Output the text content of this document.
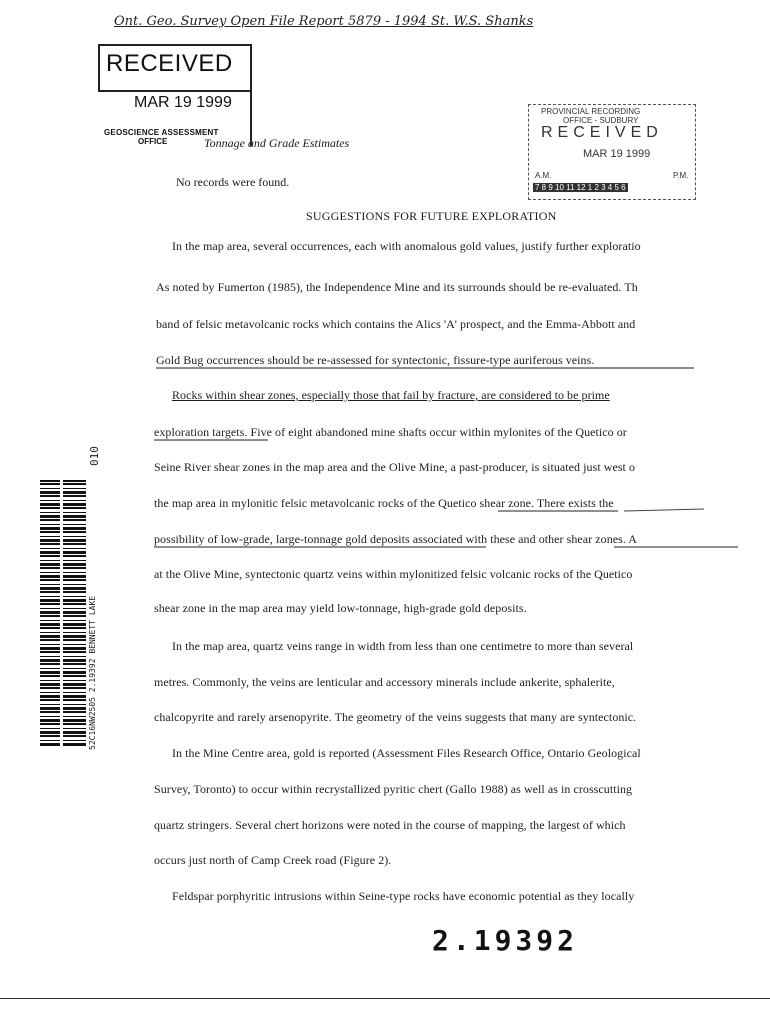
Ont. Geo. Survey Open File Report 5879 - 1994 St. W.S. Shanks
RECEIVED
MAR 19 1999
GEOSCIENCE ASSESSMENT
OFFICE	Tonnage and Grade Estimates
PROVINCIAL RECORDING
OFFICE - SUDBURY
RECEIVED
MAR 19 1999
A.M.	P.M.
7 8 9 10 11 12 1 2 3 4 5 6
No records were found.
SUGGESTIONS FOR FUTURE EXPLORATION
In the map area, several occurrences, each with anomalous gold values, justify further exploratio
As noted by Fumerton (1985), the Independence Mine and its surrounds should be re-evaluated. Th
band of felsic metavolcanic rocks which contains the Alics 'A' prospect, and the Emma-Abbott and
Gold Bug occurrences should be re-assessed for syntectonic, fissure-type auriferous veins.
Rocks within shear zones, especially those that fail by fracture, are considered to be prime
exploration targets. Five of eight abandoned mine shafts occur within mylonites of the Quetico or
Seine River shear zones in the map area and the Olive Mine, a past-producer, is situated just west o
the map area in mylonitic felsic metavolcanic rocks of the Quetico shear zone. There exists the
possibility of low-grade, large-tonnage gold deposits associated with these and other shear zones. A
at the Olive Mine, syntectonic quartz veins within mylonitized felsic volcanic rocks of the Quetico
shear zone in the map area may yield low-tonnage, high-grade gold deposits.
In the map area, quartz veins range in width from less than one centimetre to more than several
metres. Commonly, the veins are lenticular and accessory minerals include ankerite, sphalerite,
chalcopyrite and rarely arsenopyrite. The geometry of the veins suggests that many are syntectonic.
In the Mine Centre area, gold is reported (Assessment Files Research Office, Ontario Geological
Survey, Toronto) to occur within recrystallized pyritic chert (Gallo 1988) as well as in crosscutting
quartz stringers. Several chert horizons were noted in the course of mapping, the largest of which
occurs just north of Camp Creek road (Figure 2).
Feldspar porphyritic intrusions within Seine-type rocks have economic potential as they locally
2.19392
010
52C16NW2505 2.19392 BENNETT LAKE
